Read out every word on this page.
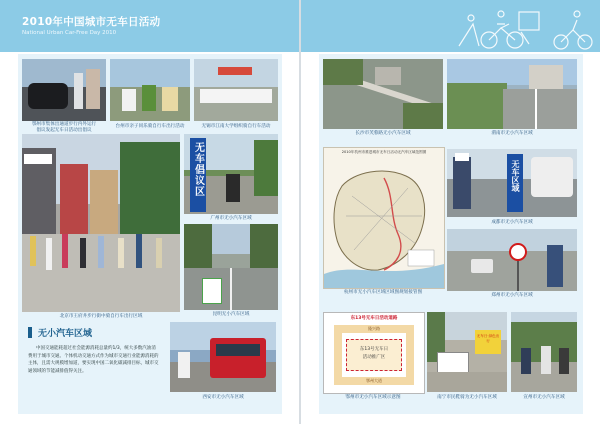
2010年中国城市无车日活动
National Urban Car-Free Day 2010
鄂州市集体出通道步行内外运行
倡议发起无车日活动出倡议
台州市亲子同乐骑自行车出行活动	无锡市江南大学组织骑自行车活动
北京市王府井步行街中骑自行车出行区域
无车倡议区
广州市无小汽车区域
昆明无小汽车区域
无小汽车区域
中国交通能耗超过社会能源消耗总量约1/3，统大多数汽油消费用于城市交通。个体机动交通方式作为城市交通行业能源消耗的主体，且需大规模增加道，要实现中国二氧化碳减排目标，城市交通领域的节能减排值得关注。
西安市无小汽车区域
长沙市芙蓉路无小汽车区域	渭南市无小汽车区域
2010年杭州市推进城市无车日活动无汽车区域范围图
杭州市无小汽车区域区域图规划接管图
无车区域
成都市无小汽车区域
郑州市无小汽车区域
东13号无车日活动道路
隆兴路
鄂州大道
东13号无车日
活动推广区
鄂州市无小汽车区域示意图
无车日·绿色出行
南宁市民鞋骑为无小汽车区域	宣州市无小汽车区域
